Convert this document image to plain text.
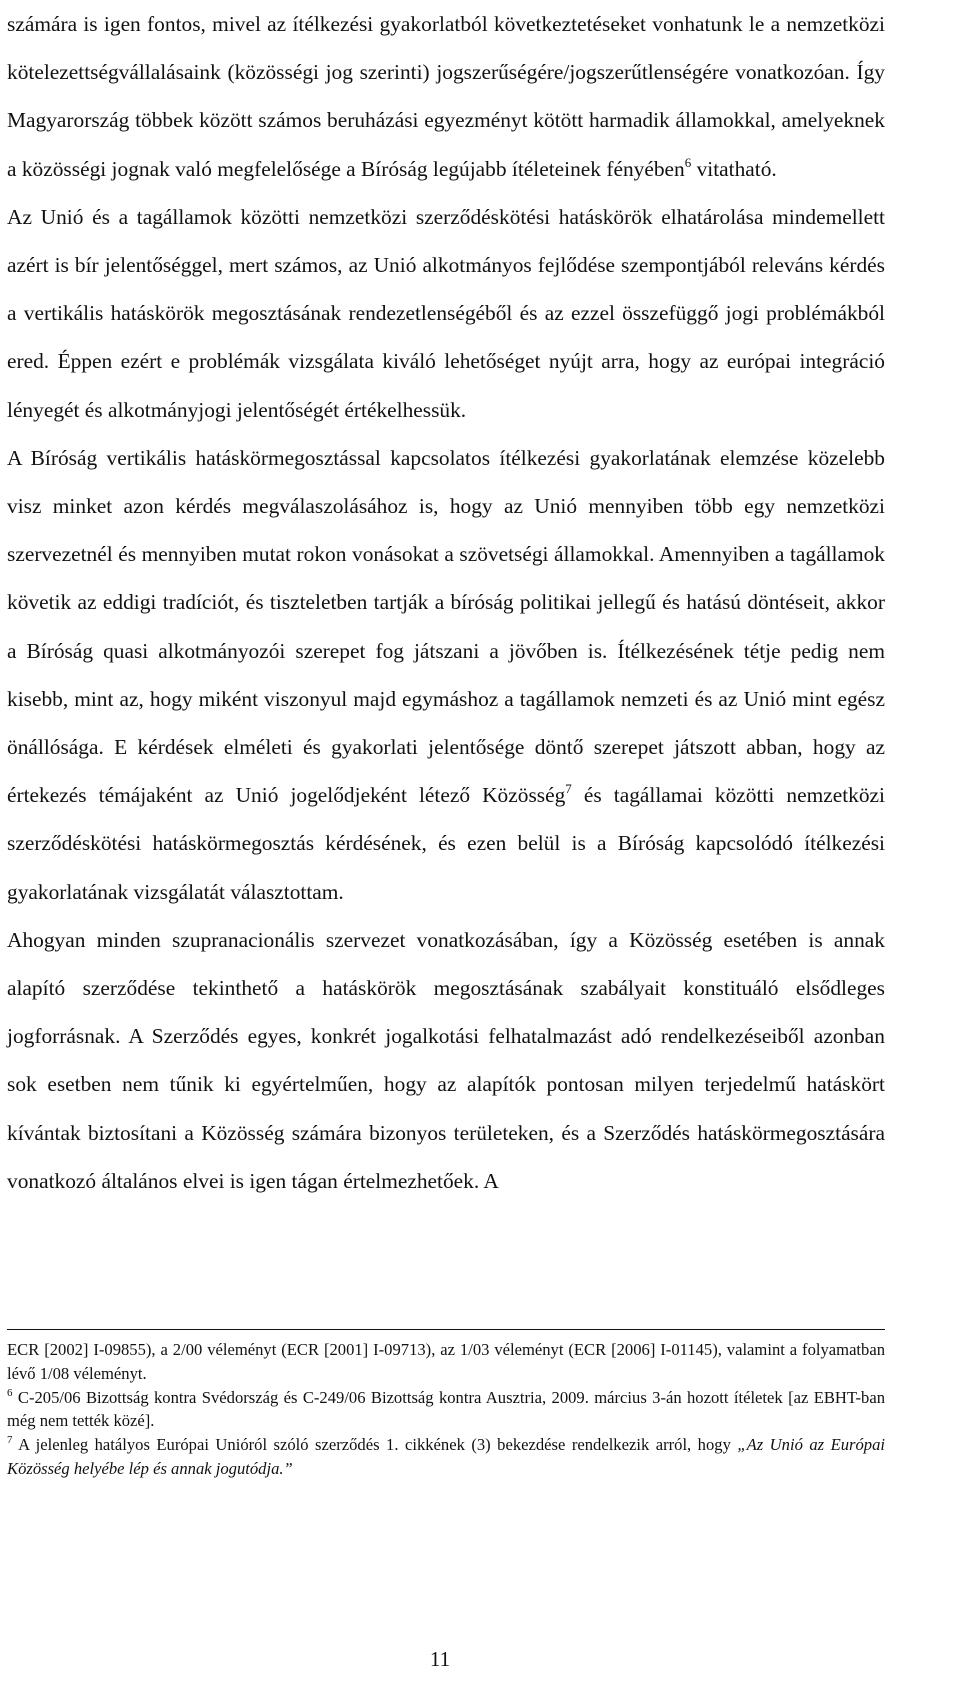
számára is igen fontos, mivel az ítélkezési gyakorlatból következtetéseket vonhatunk le a nemzetközi kötelezettségvállalásaink (közösségi jog szerinti) jogszerűségére/jogszerűtlenségére vonatkozóan. Így Magyarország többek között számos beruházási egyezményt kötött harmadik államokkal, amelyeknek a közösségi jognak való megfelelősége a Bíróság legújabb ítéleteinek fényében$^6$ vitatható.

Az Unió és a tagállamok közötti nemzetközi szerződéskötési hatáskörök elhatárolása mindemellett azért is bír jelentőséggel, mert számos, az Unió alkotmányos fejlődése szempontjából releváns kérdés a vertikális hatáskörök megosztásának rendezetlenségéből és az ezzel összefüggő jogi problémákból ered. Éppen ezért e problémák vizsgálata kiváló lehetőséget nyújt arra, hogy az európai integráció lényegét és alkotmányjogi jelentőségét értékelhessük.

A Bíróság vertikális hatáskörmegosztással kapcsolatos ítélkezési gyakorlatának elemzése közelebb visz minket azon kérdés megválaszolásához is, hogy az Unió mennyiben több egy nemzetközi szervezetnél és mennyiben mutat rokon vonásokat a szövetségi államokkal. Amennyiben a tagállamok követik az eddigi tradíciót, és tiszteletben tartják a bíróság politikai jellegű és hatású döntéseit, akkor a Bíróság quasi alkotmányozói szerepet fog játszani a jövőben is. Ítélkezésének tétje pedig nem kisebb, mint az, hogy miként viszonyul majd egymáshoz a tagállamok nemzeti és az Unió mint egész önállósága. E kérdések elméleti és gyakorlati jelentősége döntő szerepet játszott abban, hogy az értekezés témájaként az Unió jogelődjeként létező Közösség$^7$ és tagállamai közötti nemzetközi szerződéskötési hatáskörmegosztás kérdésének, és ezen belül is a Bíróság kapcsolódó ítélkezési gyakorlatának vizsgálatát választottam.

Ahogyan minden szupranacionális szervezet vonatkozásában, így a Közösség esetében is annak alapító szerződése tekinthető a hatáskörök megosztásának szabályait konstituáló elsődleges jogforrásnak. A Szerződés egyes, konkrét jogalkotási felhatalmazást adó rendelkezéseiből azonban sok esetben nem tűnik ki egyértelműen, hogy az alapítók pontosan milyen terjedelmű hatáskört kívántak biztosítani a Közösség számára bizonyos területeken, és a Szerződés hatáskörmegosztására vonatkozó általános elvei is igen tágan értelmezhetőek. A

ECR [2002] I-09855), a 2/00 véleményt (ECR [2001] I-09713), az 1/03 véleményt (ECR [2006] I-01145), valamint a folyamatban lévő 1/08 véleményt.

$^6$ C-205/06 Bizottság kontra Svédország és C-249/06 Bizottság kontra Ausztria, 2009. március 3-án hozott ítéletek [az EBHT-ban még nem tették közé].

$^7$ A jelenleg hatályos Európai Unióról szóló szerződés 1. cikkének (3) bekezdése rendelkezik arról, hogy „Az Unió az Európai Közösség helyébe lép és annak jogutódja.”

11
